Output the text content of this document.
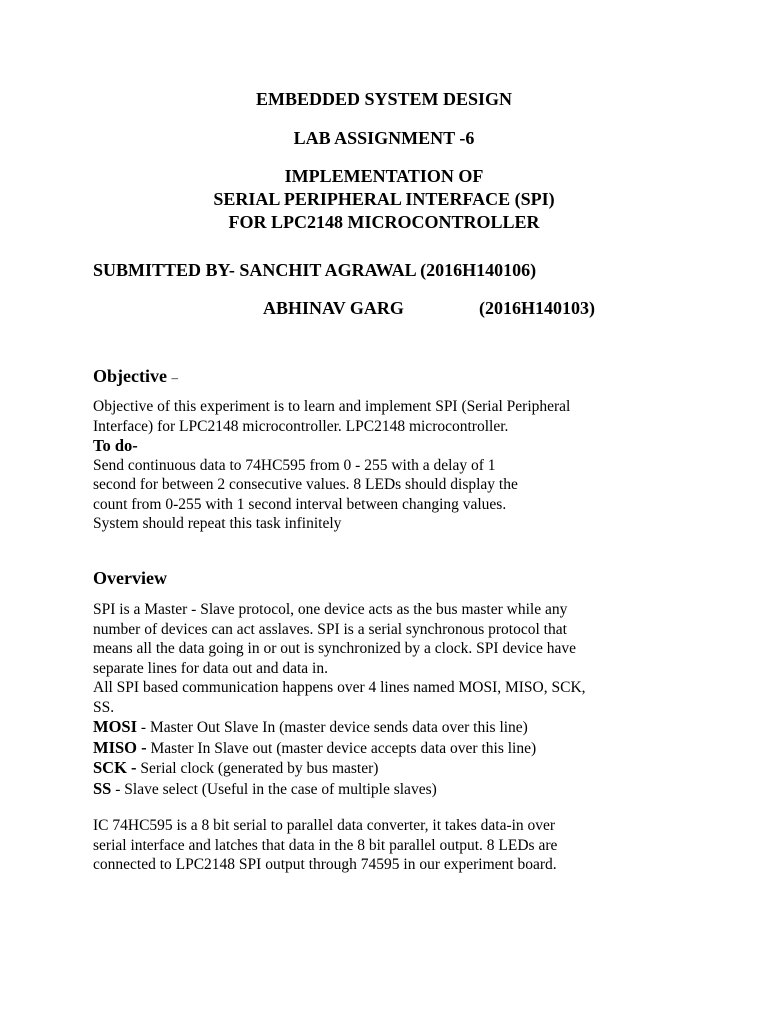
EMBEDDED SYSTEM DESIGN

LAB ASSIGNMENT -6

IMPLEMENTATION OF

SERIAL PERIPHERAL INTERFACE (SPI)

FOR LPC2148 MICROCONTROLLER

SUBMITTED BY- SANCHIT AGRAWAL (2016H140106)

ABHINAV GARG	(2016H140103)

Objective –

Objective of this experiment is to learn and implement SPI (Serial Peripheral
Interface) for LPC2148 microcontroller. LPC2148 microcontroller.
To do-
Send continuous data to 74HC595 from 0 - 255 with a delay of 1
second for between 2 consecutive values. 8 LEDs should display the
count from 0-255 with 1 second interval between changing values.
System should repeat this task infinitely

Overview

SPI is a Master - Slave protocol, one device acts as the bus master while any
number of devices can act asslaves. SPI is a serial synchronous protocol that
means all the data going in or out is synchronized by a clock. SPI device have
separate lines for data out and data in.
All SPI based communication happens over 4 lines named MOSI, MISO, SCK,
SS.
MOSI - Master Out Slave In (master device sends data over this line)
MISO - Master In Slave out (master device accepts data over this line)
SCK - Serial clock (generated by bus master)
SS - Slave select (Useful in the case of multiple slaves)
IC 74HC595 is a 8 bit serial to parallel data converter, it takes data-in over
serial interface and latches that data in the 8 bit parallel output. 8 LEDs are
connected to LPC2148 SPI output through 74595 in our experiment board.
